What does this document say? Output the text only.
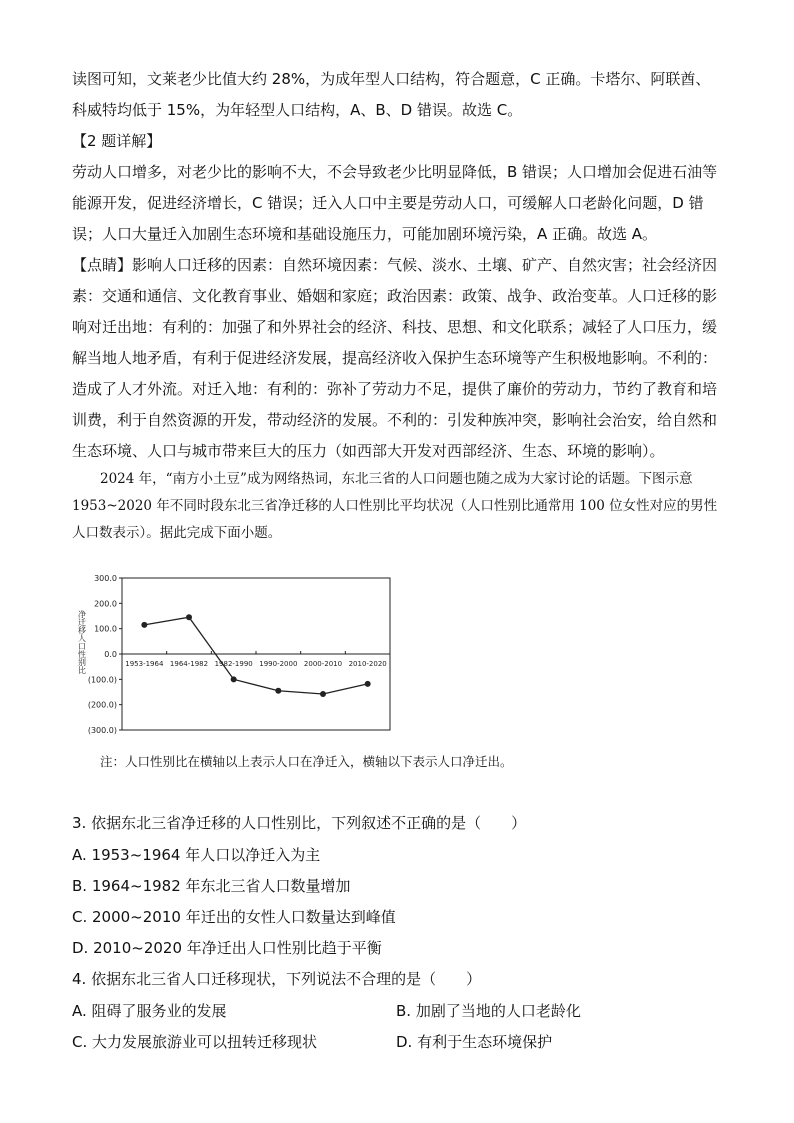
读图可知，文莱老少比值大约 28%，为成年型人口结构，符合题意，C 正确。卡塔尔、阿联酋、科威特均低于 15%，为年轻型人口结构，A、B、D 错误。故选 C。

【2 题详解】

劳动人口增多，对老少比的影响不大，不会导致老少比明显降低，B 错误；人口增加会促进石油等能源开发，促进经济增长，C 错误；迁入人口中主要是劳动人口，可缓解人口老龄化问题，D 错误；人口大量迁入加剧生态环境和基础设施压力，可能加剧环境污染，A 正确。故选 A。

【点睛】影响人口迁移的因素：自然环境因素：气候、淡水、土壤、矿产、自然灾害；社会经济因素：交通和通信、文化教育事业、婚姻和家庭；政治因素：政策、战争、政治变革。人口迁移的影响对迁出地：有利的：加强了和外界社会的经济、科技、思想、和文化联系；减轻了人口压力，缓解当地人地矛盾，有利于促进经济发展，提高经济收入保护生态环境等产生积极地影响。不利的：造成了人才外流。对迁入地：有利的：弥补了劳动力不足，提供了廉价的劳动力，节约了教育和培训费，利于自然资源的开发，带动经济的发展。不利的：引发种族冲突，影响社会治安，给自然和生态环境、人口与城市带来巨大的压力（如西部大开发对西部经济、生态、环境的影响）。

2024 年，“南方小土豆”成为网络热词，东北三省的人口问题也随之成为大家讨论的话题。下图示意 1953~2020 年不同时段东北三省净迁移的人口性别比平均状况（人口性别比通常用 100 位女性对应的男性人口数表示）。据此完成下面小题。

300.0
200.0
100.0
0.0
(100.0)
(200.0)
(300.0)
1953-1964 1964-1982 1982-1990 1990-2000 2000-2010 2010-2020
净迁移人口性别比
注：人口性别比在横轴以上表示人口在净迁入，横轴以下表示人口净迁出。
3. 依据东北三省净迁移的人口性别比，下列叙述不正确的是（　　）
A. 1953~1964 年人口以净迁入为主
B. 1964~1982 年东北三省人口数量增加
C. 2000~2010 年迁出的女性人口数量达到峰值
D. 2010~2020 年净迁出人口性别比趋于平衡
4. 依据东北三省人口迁移现状，下列说法不合理的是（　　）
A. 阻碍了服务业的发展	B. 加剧了当地的人口老龄化
C. 大力发展旅游业可以扭转迁移现状	D. 有利于生态环境保护
